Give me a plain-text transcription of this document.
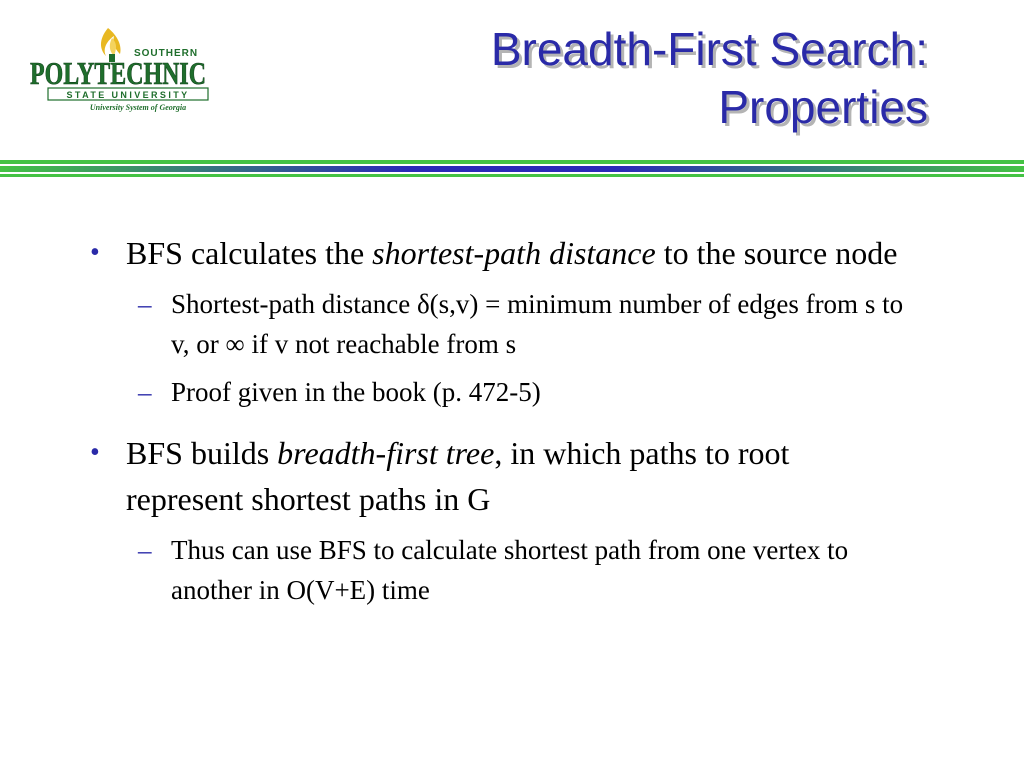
SOUTHERN
POLYTECHNIC
STATE UNIVERSITY
University System of Georgia
Breadth-First Search:
Properties
• BFS calculates the shortest-path distance to the source node
– Shortest-path distance δ(s,v) = minimum number of edges from s to v, or ∞ if v not reachable from s
– Proof given in the book (p. 472-5)
• BFS builds breadth-first tree, in which paths to root represent shortest paths in G
– Thus can use BFS to calculate shortest path from one vertex to another in O(V+E) time
